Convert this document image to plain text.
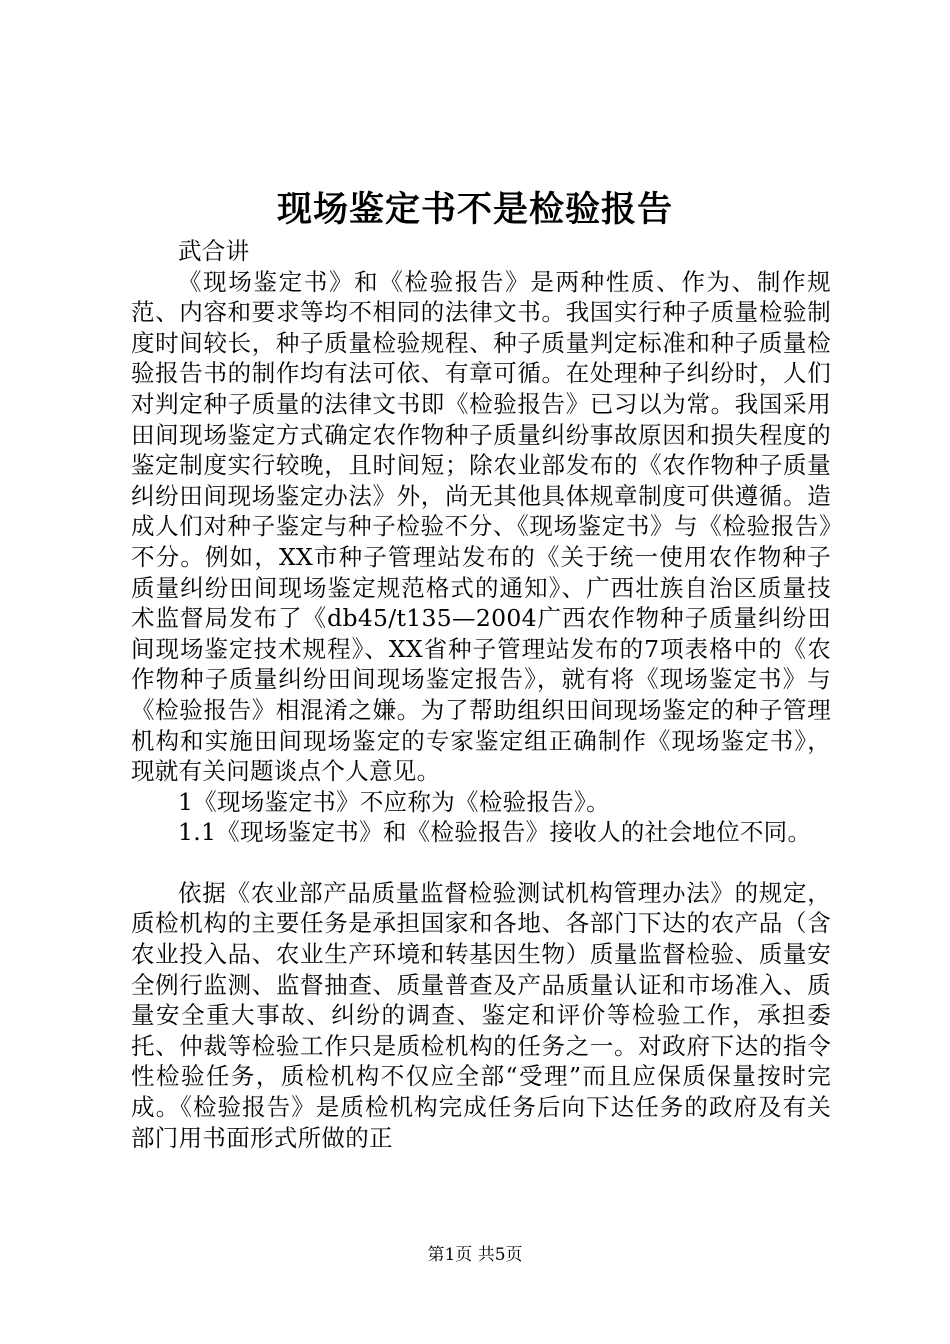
现场鉴定书不是检验报告

武合讲

《现场鉴定书》和《检验报告》是两种性质、作为、制作规范、内容和要求等均不相同的法律文书。我国实行种子质量检验制度时间较长，种子质量检验规程、种子质量判定标准和种子质量检验报告书的制作均有法可依、有章可循。在处理种子纠纷时，人们对判定种子质量的法律文书即《检验报告》已习以为常。我国采用田间现场鉴定方式确定农作物种子质量纠纷事故原因和损失程度的鉴定制度实行较晚，且时间短；除农业部发布的《农作物种子质量纠纷田间现场鉴定办法》外，尚无其他具体规章制度可供遵循。造成人们对种子鉴定与种子检验不分、《现场鉴定书》与《检验报告》不分。例如，XX市种子管理站发布的《关于统一使用农作物种子质量纠纷田间现场鉴定规范格式的通知》、广西壮族自治区质量技术监督局发布了《db45/t135—2004广西农作物种子质量纠纷田间现场鉴定技术规程》、XX省种子管理站发布的7项表格中的《农作物种子质量纠纷田间现场鉴定报告》，就有将《现场鉴定书》与《检验报告》相混淆之嫌。为了帮助组织田间现场鉴定的种子管理机构和实施田间现场鉴定的专家鉴定组正确制作《现场鉴定书》，现就有关问题谈点个人意见。

1《现场鉴定书》不应称为《检验报告》。

1.1《现场鉴定书》和《检验报告》接收人的社会地位不同。

依据《农业部产品质量监督检验测试机构管理办法》的规定，质检机构的主要任务是承担国家和各地、各部门下达的农产品（含农业投入品、农业生产环境和转基因生物）质量监督检验、质量安全例行监测、监督抽查、质量普查及产品质量认证和市场准入、质量安全重大事故、纠纷的调查、鉴定和评价等检验工作，承担委托、仲裁等检验工作只是质检机构的任务之一。对政府下达的指令性检验任务，质检机构不仅应全部“受理”而且应保质保量按时完成。《检验报告》是质检机构完成任务后向下达任务的政府及有关部门用书面形式所做的正

第1页 共5页
